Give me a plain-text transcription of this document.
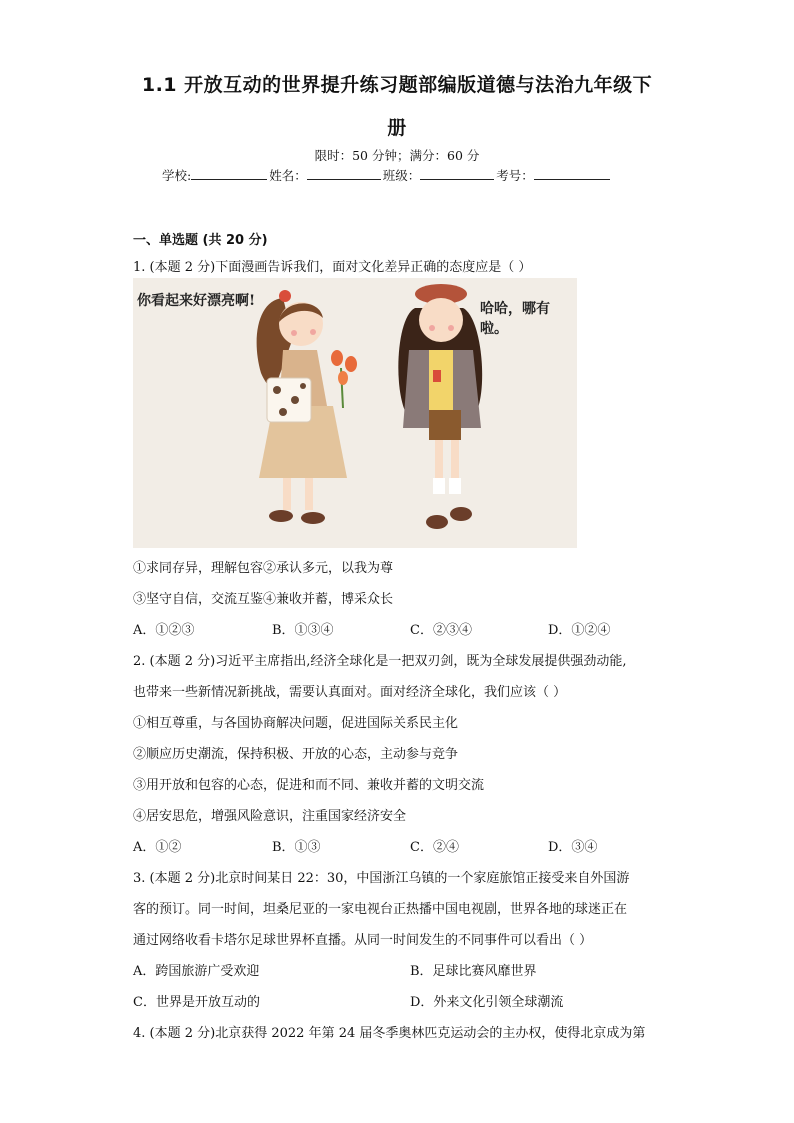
1.1 开放互动的世界提升练习题部编版道德与法治九年级下
册
限时：50 分钟；满分：60 分
学校:	姓名：	班级：	考号：
一、单选题 (共 20 分)
1. (本题 2 分)下面漫画告诉我们，面对文化差异正确的态度应是（ ）
你看起来好漂亮啊!	哈哈，哪有啦。
①求同存异，理解包容②承认多元，以我为尊
③坚守自信，交流互鉴④兼收并蓄，博采众长
A．①②③	B．①③④	C．②③④	D．①②④
2. (本题 2 分)习近平主席指出,经济全球化是一把双刃剑，既为全球发展提供强劲动能,
也带来一些新情况新挑战，需要认真面对。面对经济全球化，我们应该（ ）
①相互尊重，与各国协商解决问题，促进国际关系民主化
②顺应历史潮流，保持积极、开放的心态，主动参与竞争
③用开放和包容的心态，促进和而不同、兼收并蓄的文明交流
④居安思危，增强风险意识，注重国家经济安全
A．①②	B．①③	C．②④	D．③④
3. (本题 2 分)北京时间某日 22：30，中国浙江乌镇的一个家庭旅馆正接受来自外国游
客的预订。同一时间，坦桑尼亚的一家电视台正热播中国电视剧，世界各地的球迷正在
通过网络收看卡塔尔足球世界杯直播。从同一时间发生的不同事件可以看出（ ）
A．跨国旅游广受欢迎	B．足球比赛风靡世界
C．世界是开放互动的	D．外来文化引领全球潮流
4. (本题 2 分)北京获得 2022 年第 24 届冬季奥林匹克运动会的主办权，使得北京成为第
